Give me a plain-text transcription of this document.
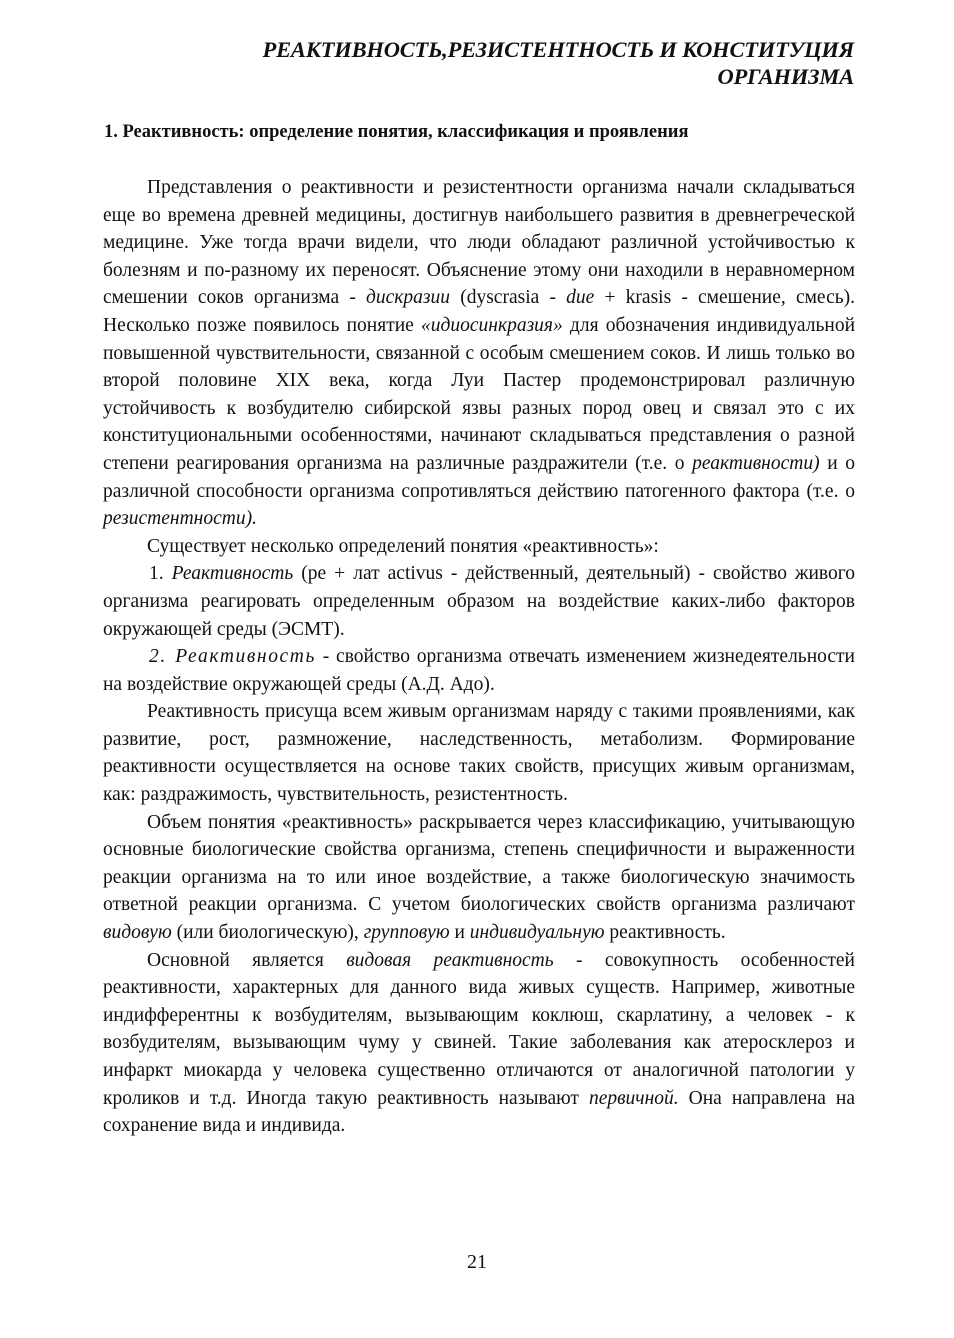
РЕАКТИВНОСТЬ,РЕЗИСТЕНТНОСТЬ И КОНСТИТУЦИЯ
ОРГАНИЗМА
1. Реактивность: определение понятия, классификация и проявления

Представления о реактивности и резистентности организма начали складываться еще во времена древней медицины, достигнув наибольшего развития в древнегреческой медицине. Уже тогда врачи видели, что люди обладают различной устойчивостью к болезням и по-разному их переносят. Объяснение этому они находили в неравномерном смешении соков организма - дискразии (dyscrasia - due + krasis - смешение, смесь). Несколько позже появилось понятие «идиосинкразия» для обозначения индивидуальной повышенной чувствительности, связанной с особым смешением соков. И лишь только во второй половине XIX века, когда Луи Пастер продемонстрировал различную устойчивость к возбудителю сибирской язвы разных пород овец и связал это с их конституциональными особенностями, начинают складываться представления о разной степени реагирования организма на различные раздражители (т.е. о реактивности) и о различной способности организма сопротивляться действию патогенного фактора (т.е. о резистентности).

Существует несколько определений понятия «реактивность»:

1. Реактивность (ре + лат activus - действенный, деятельный) - свойство живого организма реагировать определенным образом на воздействие каких-либо факторов окружающей среды (ЭСМТ).

2. Реактивность - свойство организма отвечать изменением жизнедеятельности на воздействие окружающей среды (А.Д. Адо).

Реактивность присуща всем живым организмам наряду с такими проявлениями, как развитие, рост, размножение, наследственность, метаболизм. Формирование реактивности осуществляется на основе таких свойств, присущих живым организмам, как: раздражимость, чувствительность, резистентность.

Объем понятия «реактивность» раскрывается через классификацию, учитывающую основные биологические свойства организма, степень специфичности и выраженности реакции организма на то или иное воздействие, а также биологическую значимость ответной реакции организма. С учетом биологических свойств организма различают видовую (или биологическую), групповую и индивидуальную реактивность.

Основной является видовая реактивность - совокупность особенностей реактивности, характерных для данного вида живых существ. Например, животные индифферентны к возбудителям, вызывающим коклюш, скарлатину, а человек - к возбудителям, вызывающим чуму у свиней. Такие заболевания как атеросклероз и инфаркт миокарда у человека существенно отличаются от аналогичной патологии у кроликов и т.д. Иногда такую реактивность называют первичной. Она направлена на сохранение вида и индивида.

21
